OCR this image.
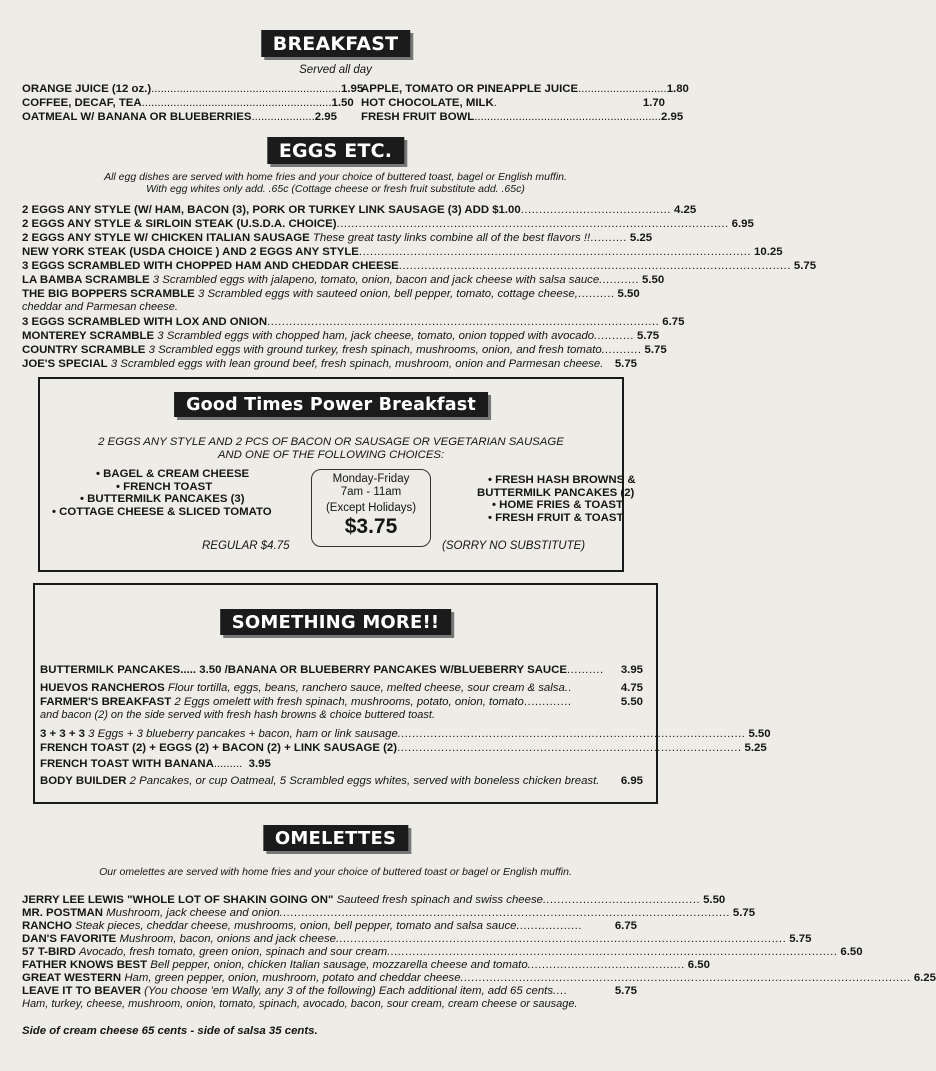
BREAKFAST
Served all day
ORANGE JUICE (12 oz.) ............................................................ 1.95
COFFEE, DECAF, TEA ............................................................ 1.50
OATMEAL W/ BANANA OR BLUEBERRIES .................... 2.95
APPLE, TOMATO OR PINEAPPLE JUICE ............................ 1.80
HOT CHOCOLATE, MILK .	1.70
FRESH FRUIT BOWL ........................................................... 2.95
EGGS ETC.
All egg dishes are served with home fries and your choice of buttered toast, bagel or English muffin.
With egg whites only add. .65c (Cottage cheese or fresh fruit substitute add. .65c)
2 EGGS ANY STYLE (W/ HAM, BACON (3), PORK OR TURKEY LINK SAUSAGE (3) ADD $1.00 ......................................... 4.25
2 EGGS ANY STYLE & SIRLOIN STEAK (U.S.D.A. CHOICE) ........................................................................................................... 6.95
2 EGGS ANY STYLE W/ CHICKEN ITALIAN SAUSAGE
These great tasty links combine all of the best flavors !! .......... 5.25
NEW YORK STEAK (USDA CHOICE ) AND 2 EGGS ANY STYLE ........................................................................................................... 10.25
3 EGGS SCRAMBLED WITH CHOPPED HAM AND CHEDDAR CHEESE ........................................................................................................... 5.75
LA BAMBA SCRAMBLE
3 Scrambled eggs with jalapeno, tomato, onion, bacon and jack cheese with salsa sauce. .......... 5.50
THE BIG BOPPERS SCRAMBLE
3 Scrambled eggs with sauteed onion, bell pepper, tomato, cottage cheese, .......... 5.50
cheddar and Parmesan cheese.
3 EGGS SCRAMBLED WITH LOX AND ONION ........................................................................................................... 6.75
MONTEREY SCRAMBLE
3 Scrambled eggs with chopped ham, jack cheese, tomato, onion topped with avocado. .......... 5.75
COUNTRY SCRAMBLE
3 Scrambled eggs with ground turkey, fresh spinach, mushrooms, onion, and fresh tomato. .......... 5.75
JOE'S SPECIAL
3 Scrambled eggs with lean ground beef, fresh spinach, mushroom, onion and Parmesan cheese. 5.75
Good Times Power Breakfast
2 EGGS ANY STYLE AND 2 PCS OF BACON OR SAUSAGE OR VEGETARIAN SAUSAGE
AND ONE OF THE FOLLOWING CHOICES:
• BAGEL & CREAM CHEESE
• FRENCH TOAST
• BUTTERMILK PANCAKES (3)
• COTTAGE CHEESE & SLICED TOMATO
Monday-Friday
7am - 11am
(Except Holidays)
$3.75
• FRESH HASH BROWNS &
BUTTERMILK PANCAKES (2)
• HOME FRIES & TOAST
• FRESH FRUIT & TOAST
REGULAR $4.75	(SORRY NO SUBSTITUTE)
SOMETHING MORE!!
BUTTERMILK PANCAKES..... 3.50 /BANANA OR BLUEBERRY PANCAKES W/BLUEBERRY SAUCE ..........	3.95
HUEVOS RANCHEROS
Flour tortilla, eggs, beans, ranchero sauce, melted cheese, sour cream & salsa. .	4.75
FARMER'S BREAKFAST
2 Eggs omelett with fresh spinach, mushrooms, potato, onion, tomato .............	5.50
and bacon (2) on the side served with fresh hash browns & choice buttered toast.
3 + 3 + 3
3 Eggs + 3 blueberry pancakes + bacon, ham or link sausage. .............................................................................................. 5.50
FRENCH TOAST (2) + EGGS (2) + BACON (2) + LINK SAUSAGE (2) .............................................................................................. 5.25
FRENCH TOAST WITH BANANA ......... 3.95
BODY BUILDER
2 Pancakes, or cup Oatmeal, 5 Scrambled eggs whites, served with boneless chicken breast. 6.95
OMELETTES
Our omelettes are served with home fries and your choice of buttered toast or bagel or English muffin.
JERRY LEE LEWIS "WHOLE LOT OF SHAKIN GOING ON"
Sauteed fresh spinach and swiss cheese. .......................................... 5.50
MR. POSTMAN
Mushroom, jack cheese and onion. .......................................................................................................................... 5.75
RANCHO
Steak pieces, cheddar cheese, mushrooms, onion, bell pepper, tomato and salsa sauce. .................	6.75
DAN'S FAVORITE
Mushroom, bacon, onions and jack cheese. .......................................................................................................................... 5.75
57 T-BIRD
Avocado, fresh tomato, green onion, spinach and sour cream. .......................................................................................................................... 6.50
FATHER KNOWS BEST
Bell pepper, onion, chicken Italian sausage, mozzarella cheese and tomato. .......................................... 6.50
GREAT WESTERN
Ham, green pepper, onion, mushroom, potato and cheddar cheese. .......................................................................................................................... 6.25
LEAVE IT TO BEAVER
(You choose 'em Wally, any 3 of the following) Each additional item, add 65 cents. ...	5.75
Ham, turkey, cheese, mushroom, onion, tomato, spinach, avocado, bacon, sour cream, cream cheese or sausage.
Side of cream cheese 65 cents - side of salsa 35 cents.
